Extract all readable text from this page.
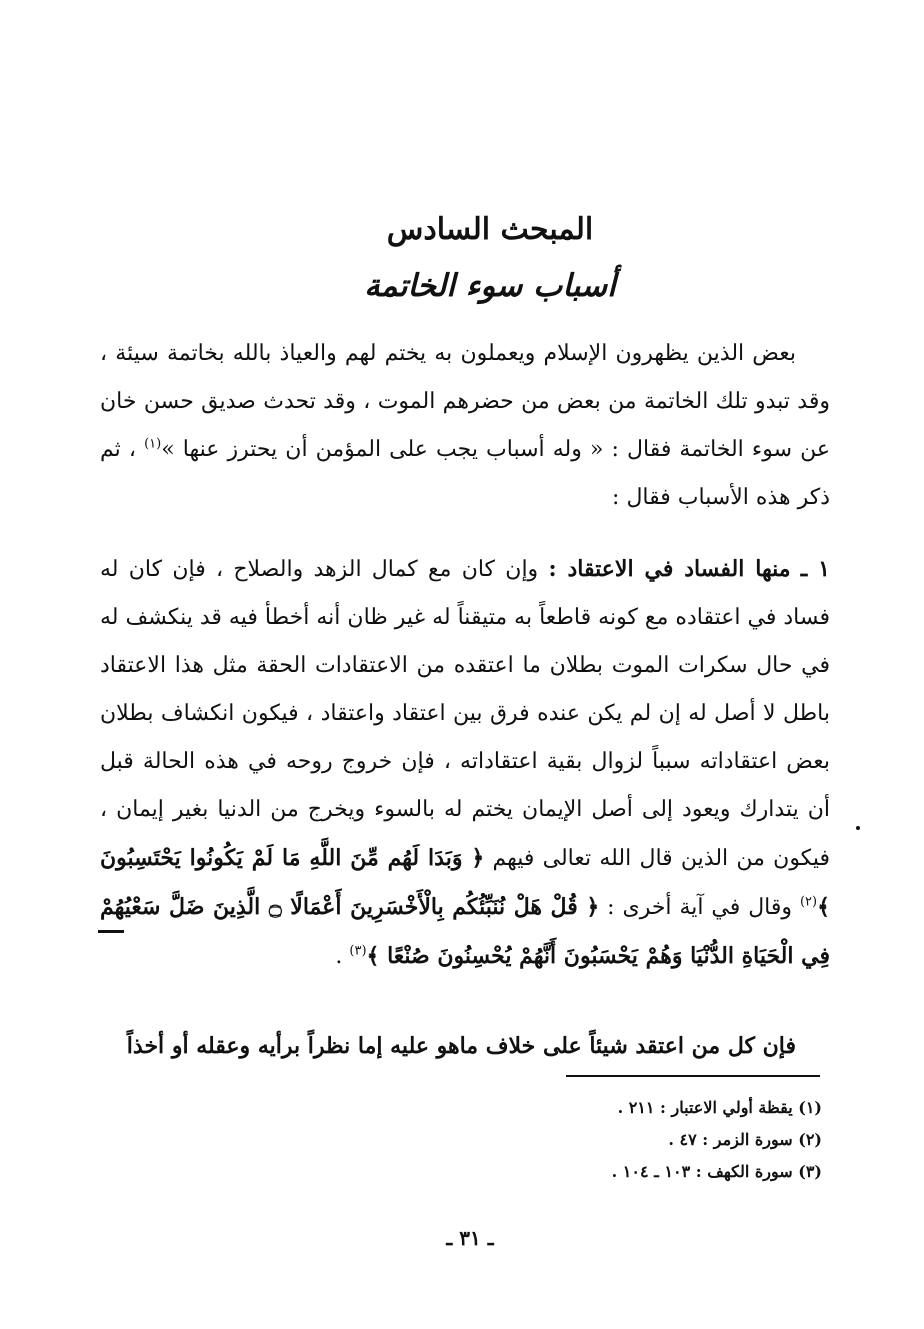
المبحث السادس
أسباب سوء الخاتمة
بعض الذين يظهرون الإسلام ويعملون به يختم لهم والعياذ بالله بخاتمة سيئة ، وقد تبدو تلك الخاتمة من بعض من حضرهم الموت ، وقد تحدث صديق حسن خان عن سوء الخاتمة فقال : « وله أسباب يجب على المؤمن أن يحترز عنها »$^{(١)}$ ، ثم ذكر هذه الأسباب فقال :
١ ـ منها الفساد في الاعتقاد : وإن كان مع كمال الزهد والصلاح ، فإن كان له فساد في اعتقاده مع كونه قاطعاً به متيقناً له غير ظان أنه أخطأ فيه قد ينكشف له في حال سكرات الموت بطلان ما اعتقده من الاعتقادات الحقة مثل هذا الاعتقاد باطل لا أصل له إن لم يكن عنده فرق بين اعتقاد واعتقاد ، فيكون انكشاف بطلان بعض اعتقاداته سبباً لزوال بقية اعتقاداته ، فإن خروج روحه في هذه الحالة قبل أن يتدارك ويعود إلى أصل الإيمان يختم له بالسوء ويخرج من الدنيا بغير إيمان ، فيكون من الذين قال الله تعالى فيهم ﴿ وَبَدَا لَهُم مِّنَ اللَّهِ مَا لَمْ يَكُونُوا يَحْتَسِبُونَ ﴾$^{(٢)}$ وقال في آية أخرى : ﴿ قُلْ هَلْ نُنَبِّئُكُم بِالْأَخْسَرِينَ أَعْمَالًا ۝ الَّذِينَ ضَلَّ سَعْيُهُمْ فِي الْحَيَاةِ الدُّنْيَا وَهُمْ يَحْسَبُونَ أَنَّهُمْ يُحْسِنُونَ صُنْعًا ﴾$^{(٣)}$ .
فإن كل من اعتقد شيئاً على خلاف ماهو عليه إما نظراً برأيه وعقله أو أخذاً
(١) يقظة أولي الاعتبار : ٢١١ .
(٢) سورة الزمر : ٤٧ .
(٣) سورة الكهف : ١٠٣ ـ ١٠٤ .
ـ ٣١ ـ
